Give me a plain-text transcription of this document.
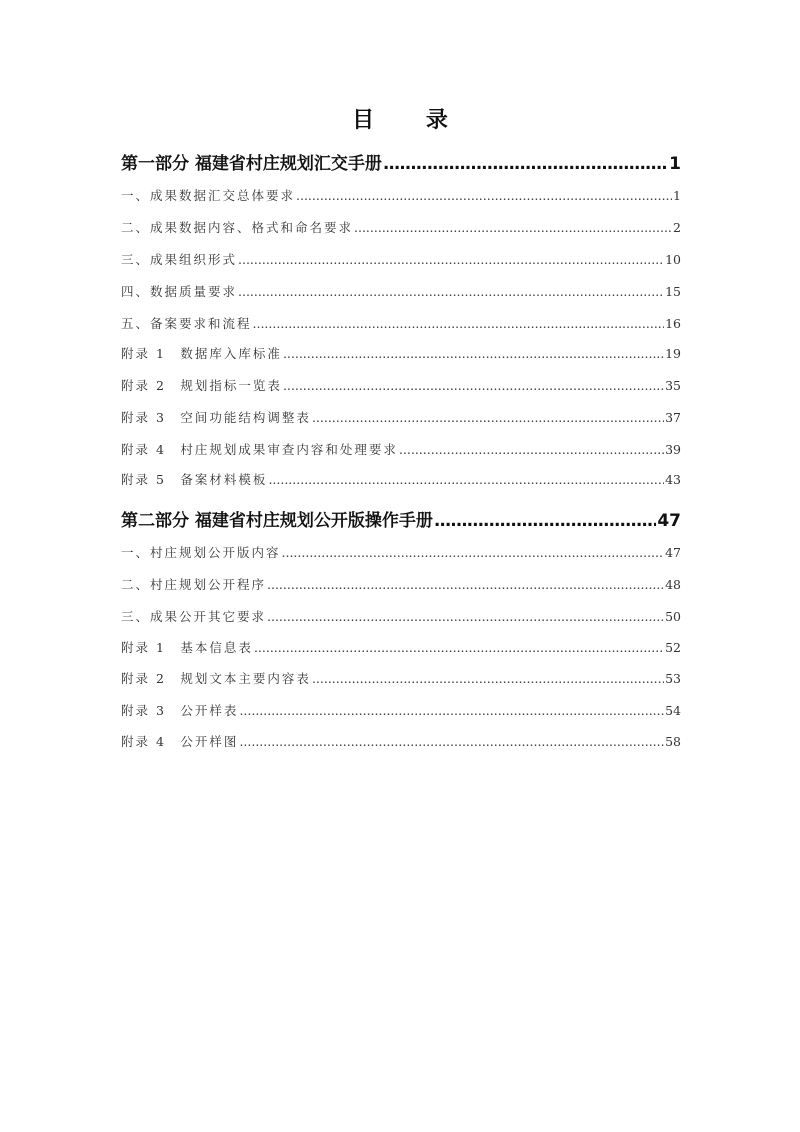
目 录
第一部分 福建省村庄规划汇交手册 .....	1
一、成果数据汇交总体要求 .....	1
二、成果数据内容、格式和命名要求 .....	2
三、成果组织形式 .....	10
四、数据质量要求 .....	15
五、备案要求和流程 .....	16
附录 1　数据库入库标准 .....	19
附录 2　规划指标一览表 .....	35
附录 3　空间功能结构调整表 .....	37
附录 4　村庄规划成果审查内容和处理要求 .....	39
附录 5　备案材料模板 .....	43
第二部分 福建省村庄规划公开版操作手册 .....	47
一、村庄规划公开版内容 .....	47
二、村庄规划公开程序 .....	48
三、成果公开其它要求 .....	50
附录 1　基本信息表 .....	52
附录 2　规划文本主要内容表 .....	53
附录 3　公开样表 .....	54
附录 4　公开样图 .....	58
